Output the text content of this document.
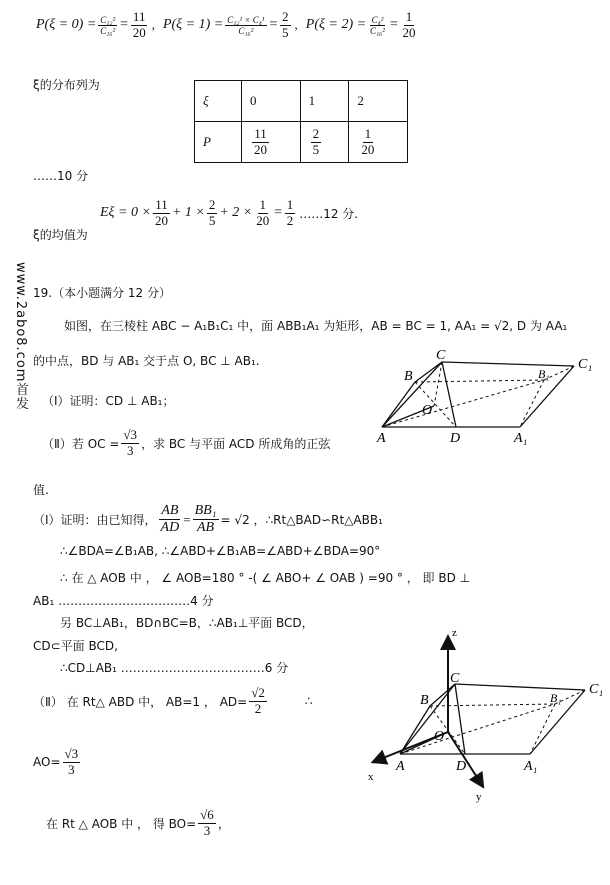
www.2abo8.com首发
$P(\xi = 0) = \frac{\text{C₁₂²}}{\text{C₁₆²}} = \frac{11}{20}$ , $P(\xi = 1) = \frac{\text{C₁₂¹ × C₄¹}}{\text{C₁₆²}} = \frac{2}{5}$ , $P(\xi = 2) = \frac{\text{C₄²}}{\text{C₁₆²}} = \frac{1}{20}$
ξ的分布列为
ξ	0	1	2
P	$\frac{11}{20}$	$\frac{2}{5}$	$\frac{1}{20}$
……10 分
ξ的均值为
$E\xi = 0 \times \frac{11}{20} + 1 \times \frac{2}{5} + 2 \times \frac{1}{20} = \frac{1}{2}$ ……12 分.
19.（本小题满分 12 分）
如图，在三棱柱 ABC − A₁B₁C₁ 中，面 ABB₁A₁ 为矩形，AB = BC = 1, AA₁ = √2, D 为 AA₁
的中点，BD 与 AB₁ 交于点 O, BC ⊥ AB₁.
（Ⅰ）证明：CD ⊥ AB₁；
（Ⅱ）若 OC = $\frac{√3}{3}$ ，求 BC 与平面 ACD 所成角的正弦
值.
C
C₁
B	B₁
O
A	D	A₁
（Ⅰ）证明：由已知得， $\frac{AB}{AD} = \frac{\text{BB₁}}{AB} = √2$ ，∴Rt△BAD∽Rt△ABB₁
∴∠BDA=∠B₁AB, ∴∠ABD+∠B₁AB=∠ABD+∠BDA=90°
∴ 在 △ AOB 中 ， ∠ AOB=180 ° -( ∠ ABO+ ∠ OAB ) =90 ° ， 即 BD ⊥
AB₁ ……………………………4 分
另 BC⊥AB₁，BD∩BC=B，∴AB₁⊥平面 BCD，
CD⊂平面 BCD,
∴CD⊥AB₁ ………………………………6 分
（Ⅱ） 在 Rt△ ABD 中， AB=1 ， $AD= \frac{√2}{2}$	∴
$AO= \frac{√3}{3}$
在 Rt △ AOB 中 ， 得 $BO= \frac{√6}{3}$ ，
z
C
C₁
B	B₁
O
A	D	A₁
x
y
